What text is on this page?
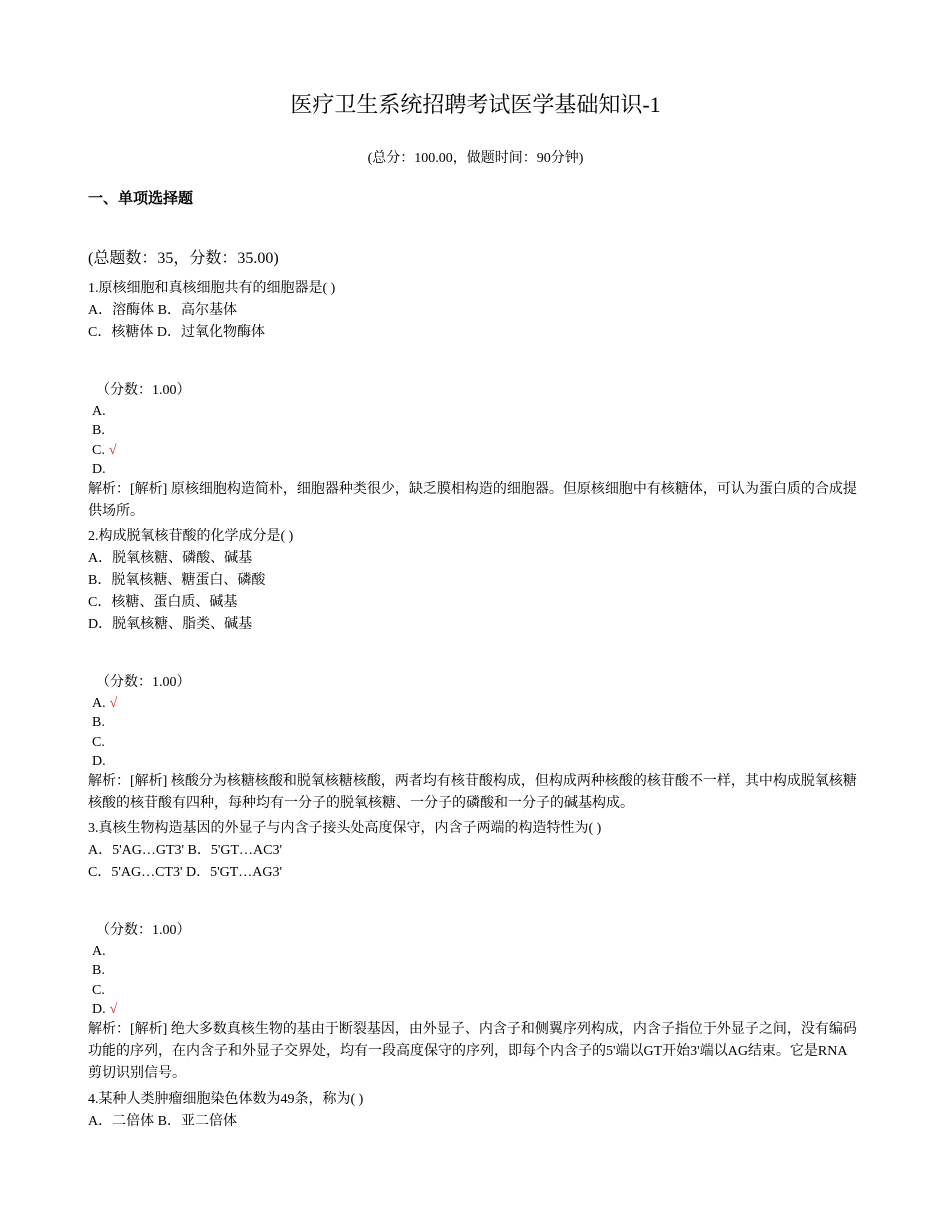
医疗卫生系统招聘考试医学基础知识-1
(总分：100.00，做题时间：90分钟)
一、单项选择题
(总题数：35，分数：35.00)
1.原核细胞和真核细胞共有的细胞器是( )
A．溶酶体 B．高尔基体
C．核糖体 D．过氧化物酶体
（分数：1.00）
A.
B.
C. √
D.
解析：[解析] 原核细胞构造简朴，细胞器种类很少，缺乏膜相构造的细胞器。但原核细胞中有核糖体，可认为蛋白质的合成提供场所。
2.构成脱氧核苷酸的化学成分是( )
A．脱氧核糖、磷酸、碱基
B．脱氧核糖、糖蛋白、磷酸
C．核糖、蛋白质、碱基
D．脱氧核糖、脂类、碱基
（分数：1.00）
A. √
B.
C.
D.
解析：[解析] 核酸分为核糖核酸和脱氧核糖核酸，两者均有核苷酸构成，但构成两种核酸的核苷酸不一样，其中构成脱氧核糖核酸的核苷酸有四种，每种均有一分子的脱氧核糖、一分子的磷酸和一分子的碱基构成。
3.真核生物构造基因的外显子与内含子接头处高度保守，内含子两端的构造特性为( )
A．5'AG…GT3' B．5'GT…AC3'
C．5'AG…CT3' D．5'GT…AG3'
（分数：1.00）
A.
B.
C.
D. √
解析：[解析] 绝大多数真核生物的基由于断裂基因，由外显子、内含子和侧翼序列构成，内含子指位于外显子之间，没有编码功能的序列，在内含子和外显子交界处，均有一段高度保守的序列，即每个内含子的5'端以GT开始3'端以AG结束。它是RNA剪切识别信号。
4.某种人类肿瘤细胞染色体数为49条，称为( )
A．二倍体 B．亚二倍体
